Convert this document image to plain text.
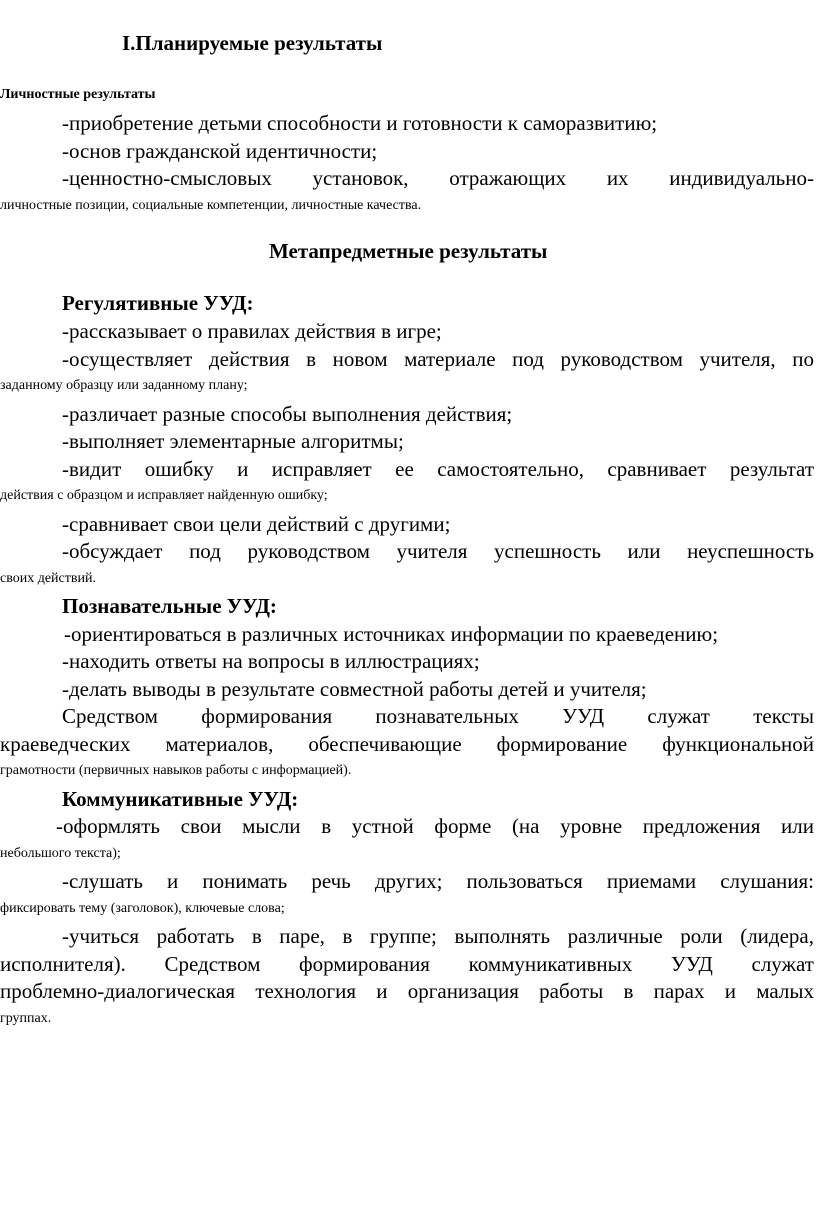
I.Планируемые результаты
Личностные результаты
-приобретение детьми способности и готовности к саморазвитию;
-основ гражданской идентичности;
-ценностно-смысловых установок, отражающих их индивидуально-
личностные позиции, социальные компетенции, личностные качества.
Метапредметные результаты
Регулятивные УУД:
-рассказывает о правилах действия в игре;
-осуществляет действия в новом материале под руководством учителя, по
заданному образцу или заданному плану;
-различает разные способы выполнения действия;
-выполняет элементарные алгоритмы;
-видит ошибку и исправляет ее самостоятельно, сравнивает результат
действия с образцом и исправляет найденную ошибку;
-сравнивает свои цели действий с другими;
-обсуждает под руководством учителя успешность или неуспешность
своих действий.
Познавательные УУД:
-ориентироваться в различных источниках информации по краеведению;
-находить ответы на вопросы в иллюстрациях;
-делать выводы в результате совместной работы детей и учителя;
Средством формирования познавательных УУД служат тексты
краеведческих материалов, обеспечивающие формирование функциональной
грамотности (первичных навыков работы с информацией).
Коммуникативные УУД:
-оформлять свои мысли в устной форме (на уровне предложения или
небольшого текста);
-слушать и понимать речь других; пользоваться приемами слушания:
фиксировать тему (заголовок), ключевые слова;
-учиться работать в паре, в группе; выполнять различные роли (лидера,
исполнителя). Средством формирования коммуникативных УУД служат
проблемно-диалогическая технология и организация работы в парах и малых
группах.
